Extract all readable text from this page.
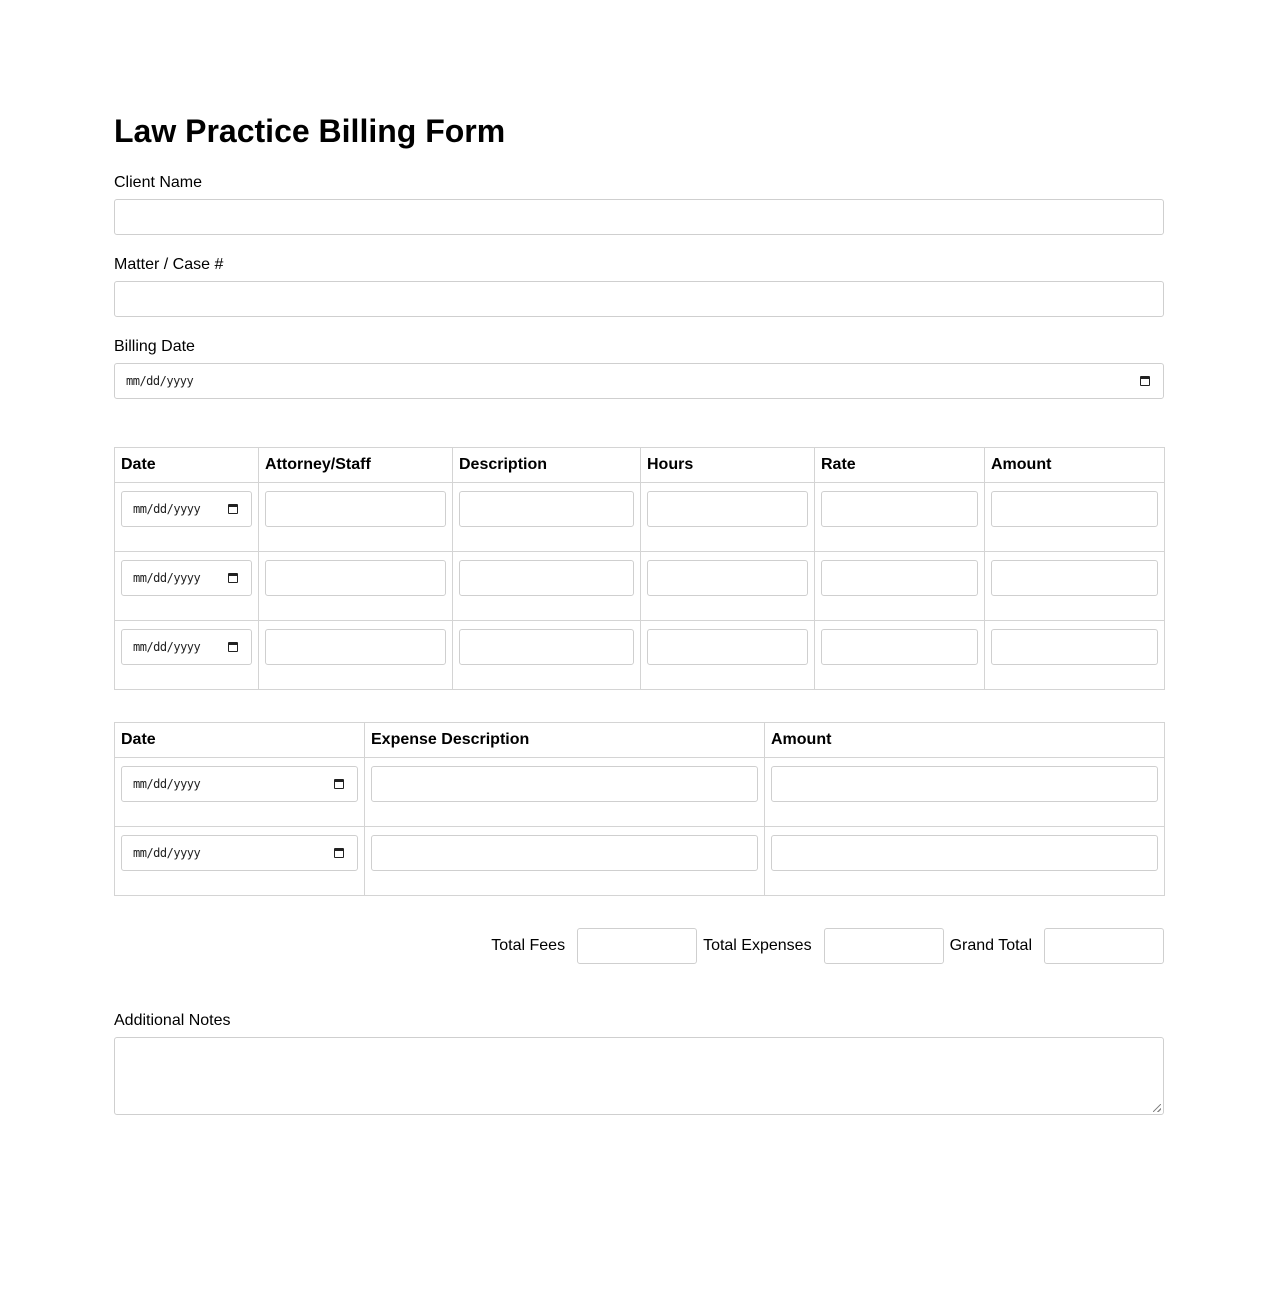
Law Practice Billing Form
Client Name
Matter / Case #
Billing Date
mm/dd/yyyy
Date	Attorney/Staff	Description	Hours	Rate	Amount

mm/dd/yyyy					

mm/dd/yyyy					

mm/dd/yyyy					

Date	Expense Description	Amount

mm/dd/yyyy		

mm/dd/yyyy		

Total Fees	Total Expenses	Grand Total
Additional Notes
